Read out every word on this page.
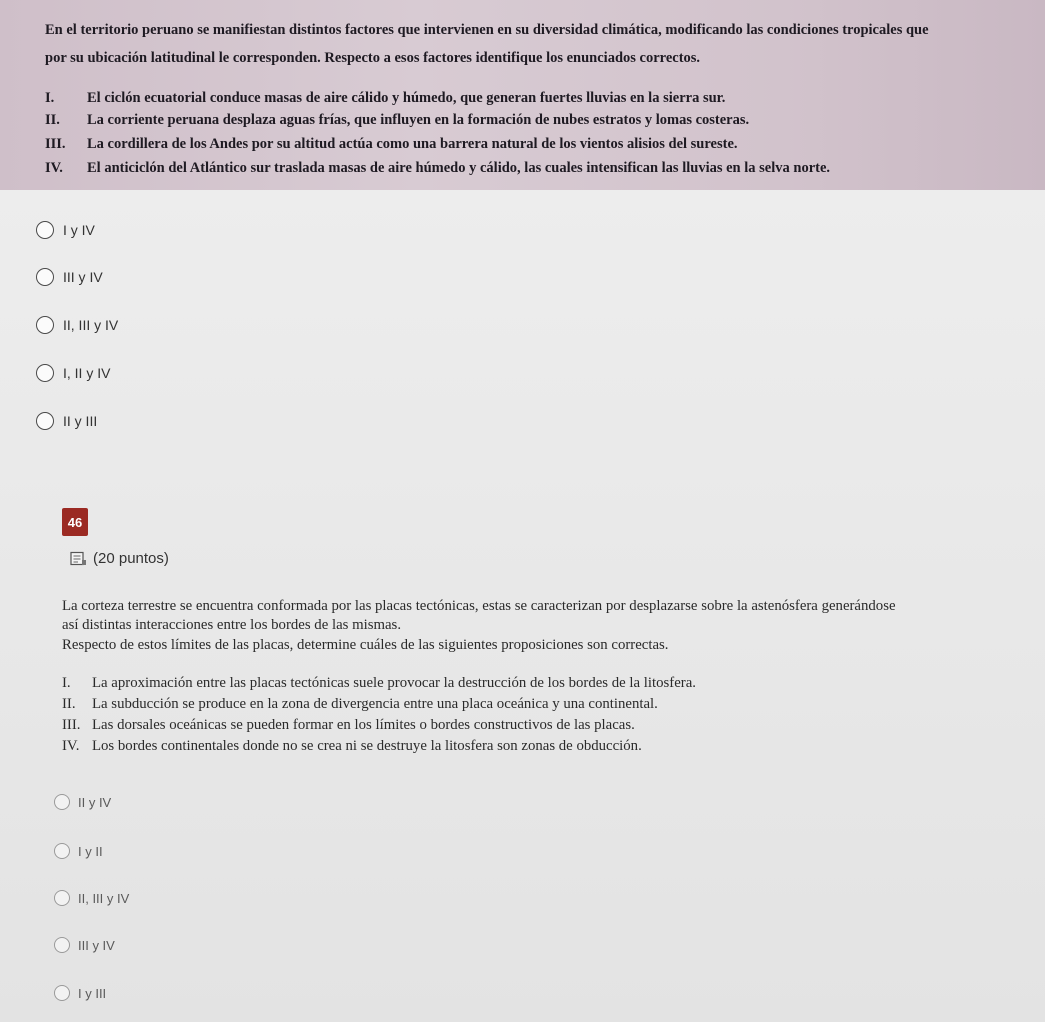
En el territorio peruano se manifiestan distintos factores que intervienen en su diversidad climática, modificando las condiciones tropicales que
por su ubicación latitudinal le corresponden. Respecto a esos factores identifique los enunciados correctos.
I. El ciclón ecuatorial conduce masas de aire cálido y húmedo, que generan fuertes lluvias en la sierra sur.
II. La corriente peruana desplaza aguas frías, que influyen en la formación de nubes estratos y lomas costeras.
III. La cordillera de los Andes por su altitud actúa como una barrera natural de los vientos alisios del sureste.
IV. El anticiclón del Atlántico sur traslada masas de aire húmedo y cálido, las cuales intensifican las lluvias en la selva norte.
I y IV
III y IV
II, III y IV
I, II y IV
II y III
46
(20 puntos)
La corteza terrestre se encuentra conformada por las placas tectónicas, estas se caracterizan por desplazarse sobre la astenósfera generándose
así distintas interacciones entre los bordes de las mismas.
Respecto de estos límites de las placas, determine cuáles de las siguientes proposiciones son correctas.
I. La aproximación entre las placas tectónicas suele provocar la destrucción de los bordes de la litosfera.
II. La subducción se produce en la zona de divergencia entre una placa oceánica y una continental.
III. Las dorsales oceánicas se pueden formar en los límites o bordes constructivos de las placas.
IV. Los bordes continentales donde no se crea ni se destruye la litosfera son zonas de obducción.
II y IV
I y II
II, III y IV
III y IV
I y III
